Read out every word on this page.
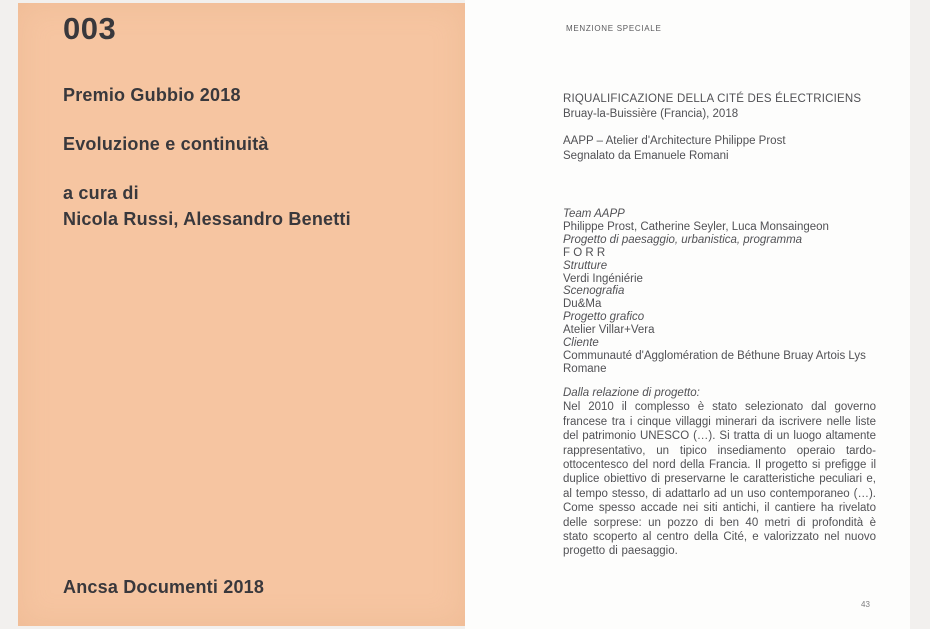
003
Premio Gubbio 2018
Evoluzione e continuità
a cura di
Nicola Russi, Alessandro Benetti
Ancsa Documenti 2018
MENZIONE SPECIALE
RIQUALIFICAZIONE DELLA CITÉ DES ÉLECTRICIENS
Bruay-la-Buissière (Francia), 2018
AAPP – Atelier d'Architecture Philippe Prost
Segnalato da Emanuele Romani
Team AAPP
Philippe Prost, Catherine Seyler, Luca Monsaingeon
Progetto di paesaggio, urbanistica, programma
F O R R
Strutture
Verdi Ingéniérie
Scenografia
Du&Ma
Progetto grafico
Atelier Villar+Vera
Cliente
Communauté d'Agglomération de Béthune Bruay Artois Lys Romane
Dalla relazione di progetto:
Nel 2010 il complesso è stato selezionato dal governo francese tra i cinque villaggi minerari da iscrivere nelle liste del patrimonio UNESCO (…). Si tratta di un luogo altamente rappresentativo, un tipico insediamento operaio tardo-ottocentesco del nord della Francia. Il progetto si prefigge il duplice obiettivo di preservarne le caratteristiche peculiari e, al tempo stesso, di adattarlo ad un uso contemporaneo (…). Come spesso accade nei siti antichi, il cantiere ha rivelato delle sorprese: un pozzo di ben 40 metri di profondità è stato scoperto al centro della Cité, e valorizzato nel nuovo progetto di paesaggio.
43
